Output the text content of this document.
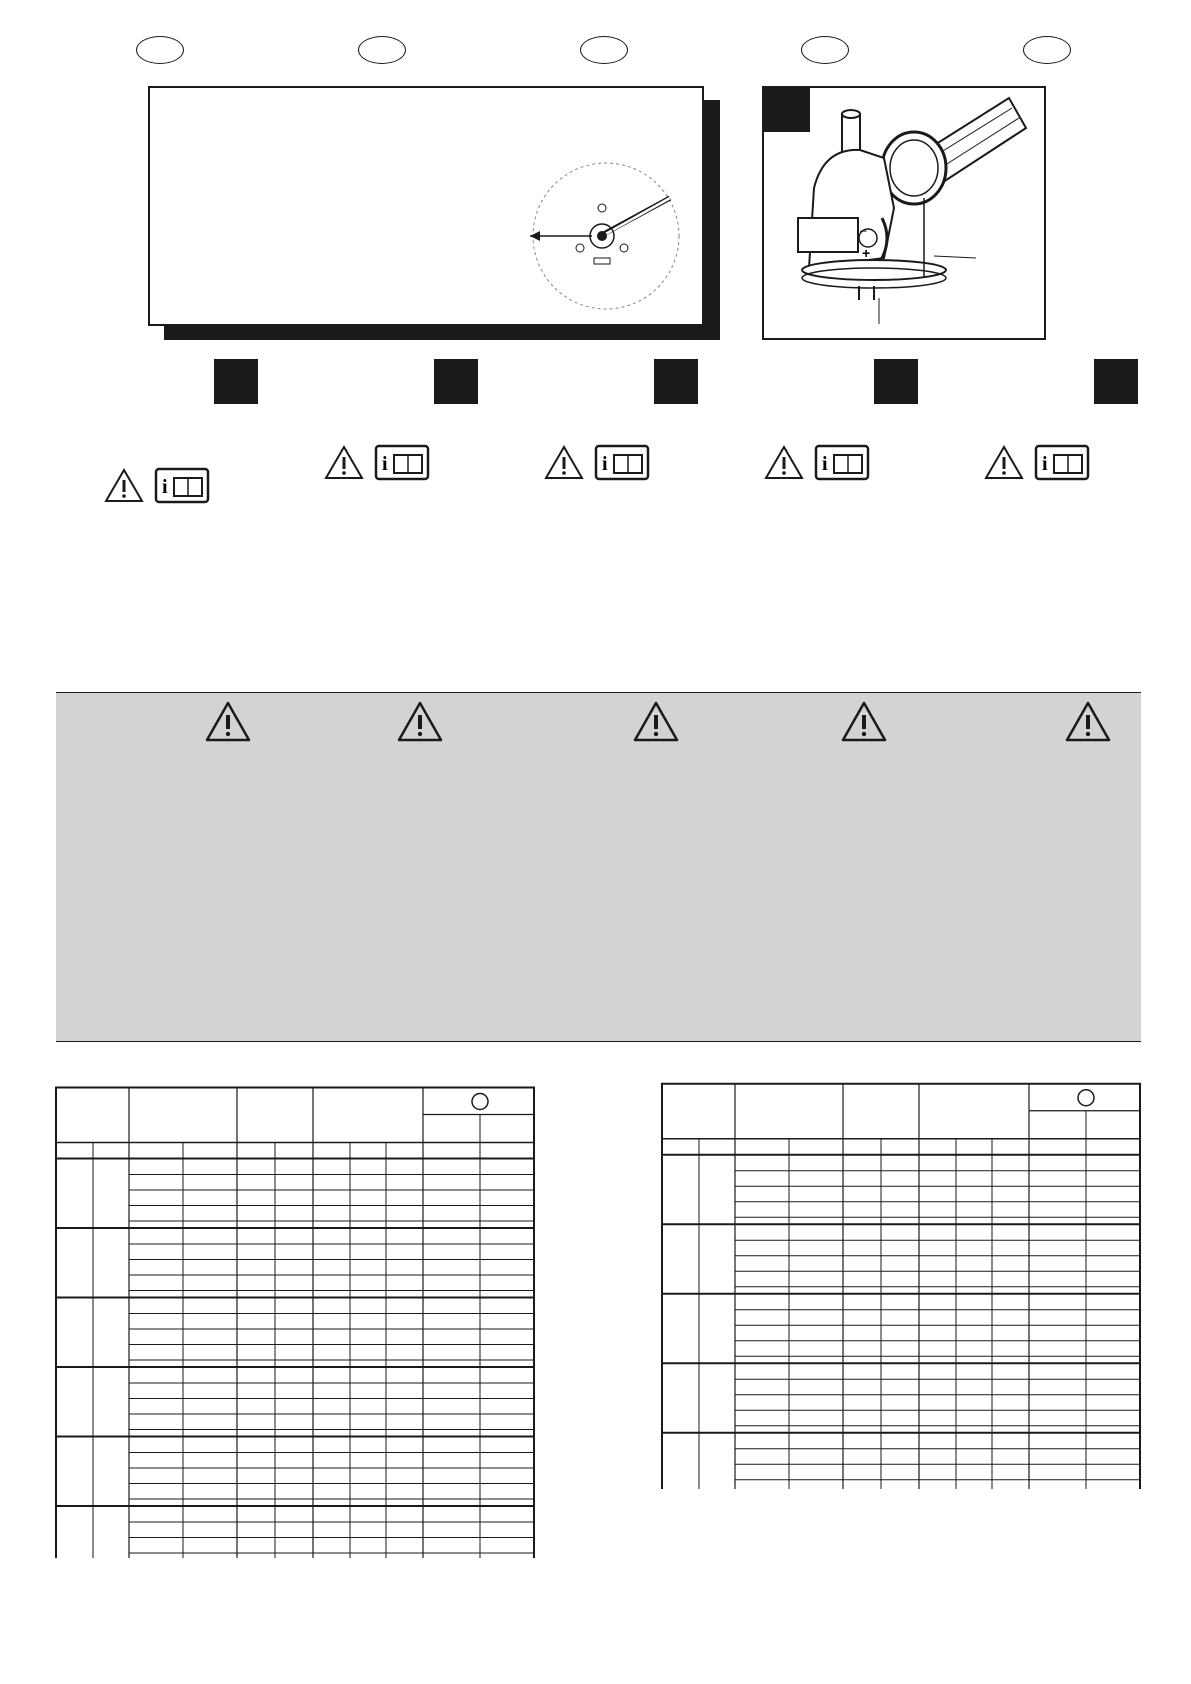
–
+
i
i	i	i	i
